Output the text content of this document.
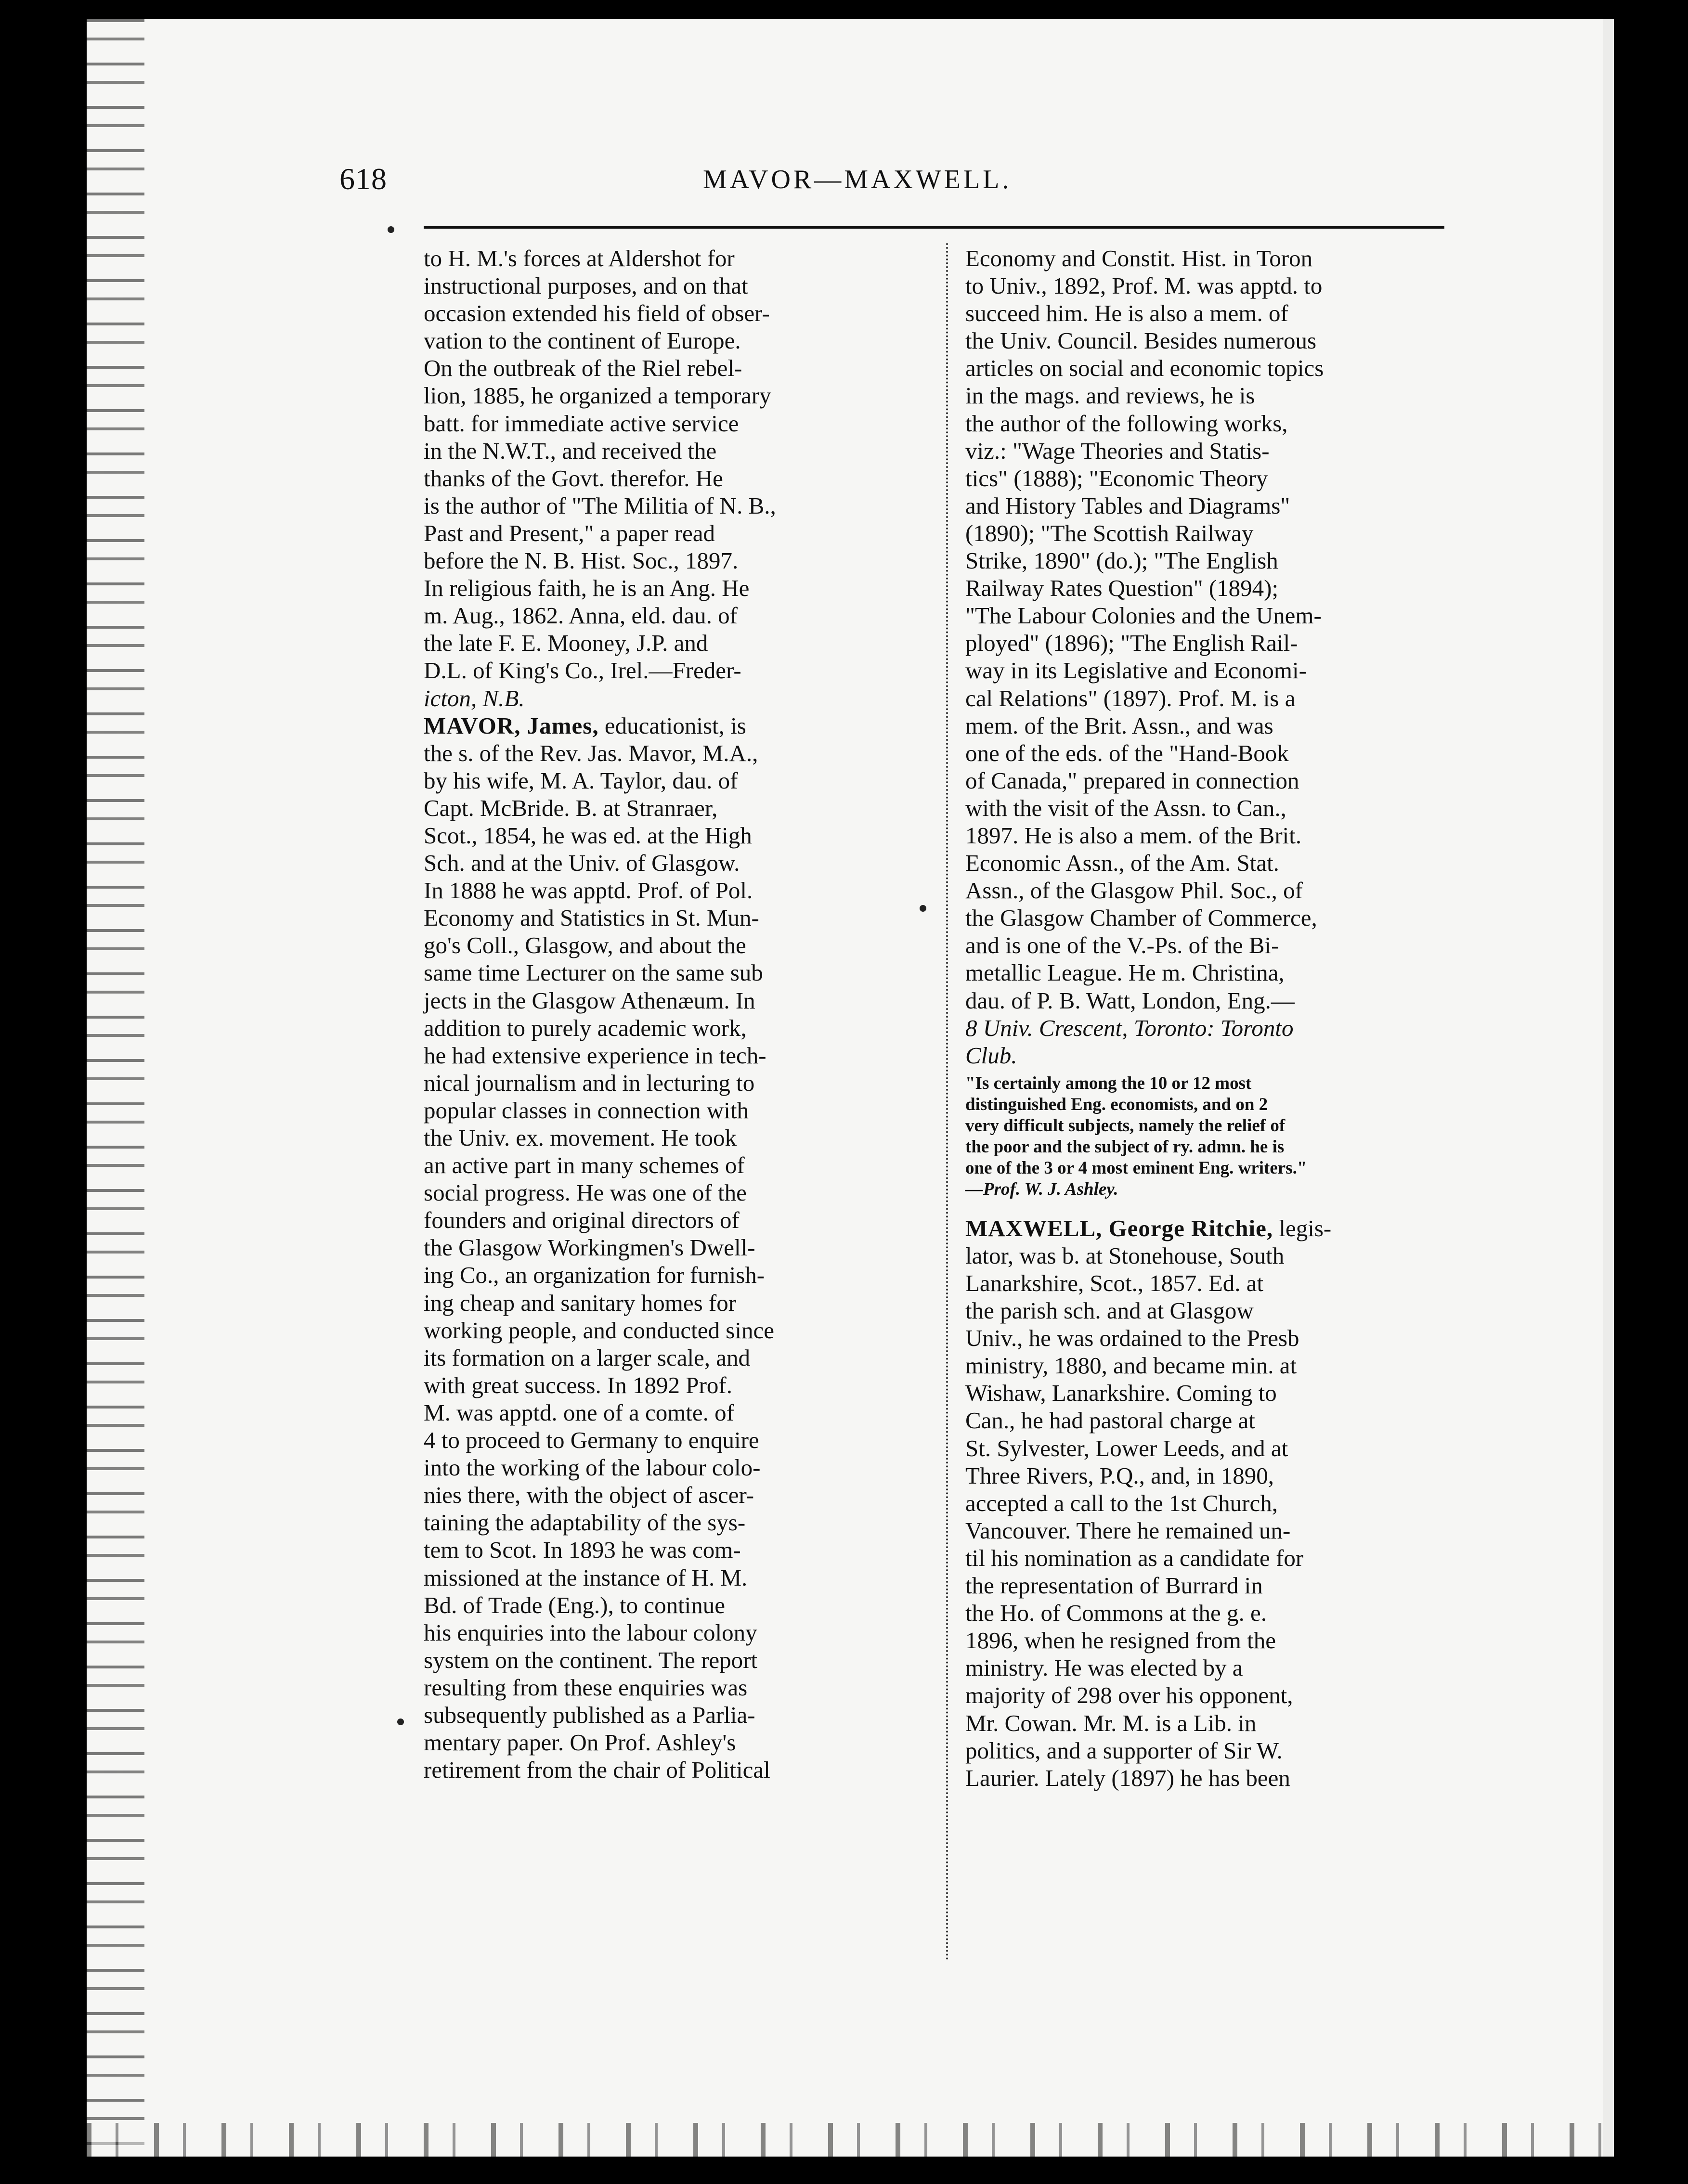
618	MAVOR—MAXWELL.
to H. M.'s forces at Aldershot for
instructional purposes, and on that
occasion extended his field of obser-
vation to the continent of Europe.
On the outbreak of the Riel rebel-
lion, 1885, he organized a temporary
batt. for immediate active service
in the N.W.T., and received the
thanks of the Govt. therefor. He
is the author of "The Militia of N. B.,
Past and Present," a paper read
before the N. B. Hist. Soc., 1897.
In religious faith, he is an Ang. He
m. Aug., 1862. Anna, eld. dau. of
the late F. E. Mooney, J.P. and
D.L. of King's Co., Irel.—Freder-
icton, N.B.
MAVOR, James, educationist, is
the s. of the Rev. Jas. Mavor, M.A.,
by his wife, M. A. Taylor, dau. of
Capt. McBride. B. at Stranraer,
Scot., 1854, he was ed. at the High
Sch. and at the Univ. of Glasgow.
In 1888 he was apptd. Prof. of Pol.
Economy and Statistics in St. Mun-
go's Coll., Glasgow, and about the
same time Lecturer on the same sub
jects in the Glasgow Athenæum. In
addition to purely academic work,
he had extensive experience in tech-
nical journalism and in lecturing to
popular classes in connection with
the Univ. ex. movement. He took
an active part in many schemes of
social progress. He was one of the
founders and original directors of
the Glasgow Workingmen's Dwell-
ing Co., an organization for furnish-
ing cheap and sanitary homes for
working people, and conducted since
its formation on a larger scale, and
with great success. In 1892 Prof.
M. was apptd. one of a comte. of
4 to proceed to Germany to enquire
into the working of the labour colo-
nies there, with the object of ascer-
taining the adaptability of the sys-
tem to Scot. In 1893 he was com-
missioned at the instance of H. M.
Bd. of Trade (Eng.), to continue
his enquiries into the labour colony
system on the continent. The report
resulting from these enquiries was
subsequently published as a Parlia-
mentary paper. On Prof. Ashley's
retirement from the chair of Political
Economy and Constit. Hist. in Toron
to Univ., 1892, Prof. M. was apptd. to
succeed him. He is also a mem. of
the Univ. Council. Besides numerous
articles on social and economic topics
in the mags. and reviews, he is
the author of the following works,
viz.: "Wage Theories and Statis-
tics" (1888); "Economic Theory
and History Tables and Diagrams"
(1890); "The Scottish Railway
Strike, 1890" (do.); "The English
Railway Rates Question" (1894);
"The Labour Colonies and the Unem-
ployed" (1896); "The English Rail-
way in its Legislative and Economi-
cal Relations" (1897). Prof. M. is a
mem. of the Brit. Assn., and was
one of the eds. of the "Hand-Book
of Canada," prepared in connection
with the visit of the Assn. to Can.,
1897. He is also a mem. of the Brit.
Economic Assn., of the Am. Stat.
Assn., of the Glasgow Phil. Soc., of
the Glasgow Chamber of Commerce,
and is one of the V.-Ps. of the Bi-
metallic League. He m. Christina,
dau. of P. B. Watt, London, Eng.—
8 Univ. Crescent, Toronto: Toronto
Club.
"Is certainly among the 10 or 12 most
distinguished Eng. economists, and on 2
very difficult subjects, namely the relief of
the poor and the subject of ry. admn. he is
one of the 3 or 4 most eminent Eng. writers."
—Prof. W. J. Ashley.
MAXWELL, George Ritchie, legis-
lator, was b. at Stonehouse, South
Lanarkshire, Scot., 1857. Ed. at
the parish sch. and at Glasgow
Univ., he was ordained to the Presb
ministry, 1880, and became min. at
Wishaw, Lanarkshire. Coming to
Can., he had pastoral charge at
St. Sylvester, Lower Leeds, and at
Three Rivers, P.Q., and, in 1890,
accepted a call to the 1st Church,
Vancouver. There he remained un-
til his nomination as a candidate for
the representation of Burrard in
the Ho. of Commons at the g. e.
1896, when he resigned from the
ministry. He was elected by a
majority of 298 over his opponent,
Mr. Cowan. Mr. M. is a Lib. in
politics, and a supporter of Sir W.
Laurier. Lately (1897) he has been
